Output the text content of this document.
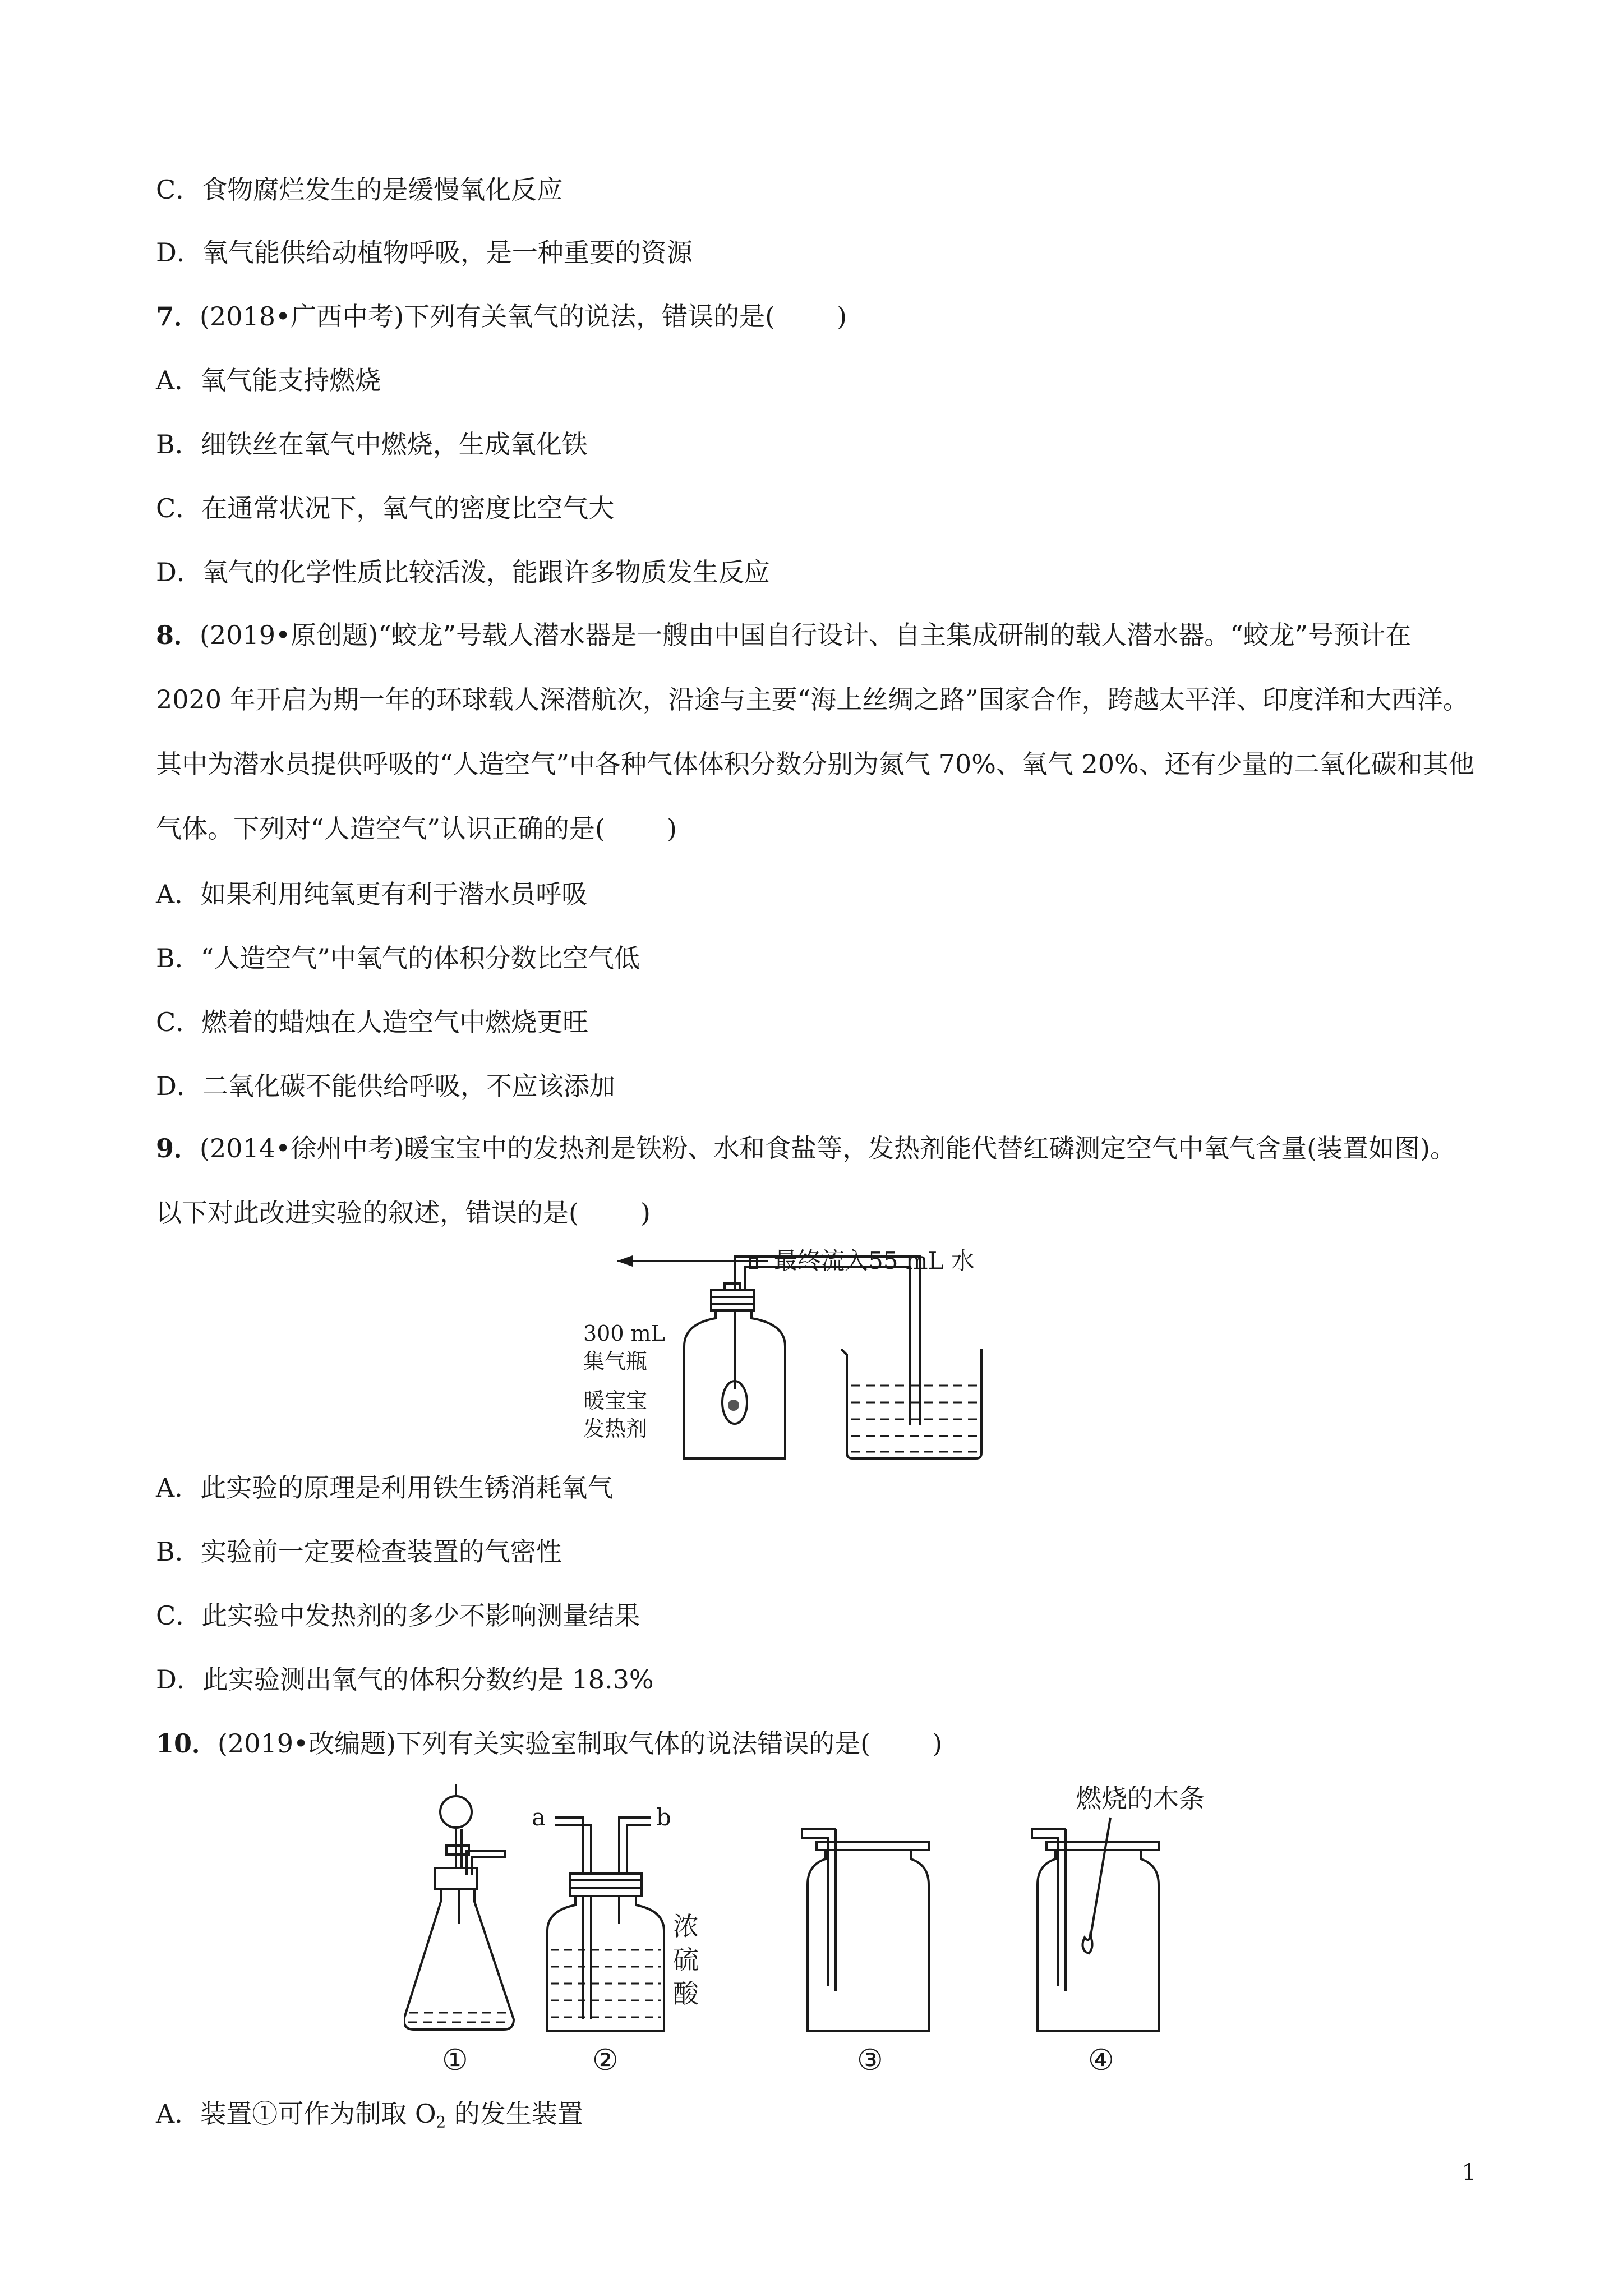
C．食物腐烂发生的是缓慢氧化反应

D．氧气能供给动植物呼吸，是一种重要的资源

7．(2018•广西中考)下列有关氧气的说法，错误的是( )

A．氧气能支持燃烧

B．细铁丝在氧气中燃烧，生成氧化铁

C．在通常状况下，氧气的密度比空气大

D．氧气的化学性质比较活泼，能跟许多物质发生反应

8．(2019•原创题)“蛟龙”号载人潜水器是一艘由中国自行设计、自主集成研制的载人潜水器。“蛟龙”号预计在 2020 年开启为期一年的环球载人深潜航次，沿途与主要“海上丝绸之路”国家合作，跨越太平洋、印度洋和大西洋。其中为潜水员提供呼吸的“人造空气”中各种气体体积分数分别为氮气 70%、氧气 20%、还有少量的二氧化碳和其他气体。下列对“人造空气”认识正确的是( )

A．如果利用纯氧更有利于潜水员呼吸

B．“人造空气”中氧气的体积分数比空气低

C．燃着的蜡烛在人造空气中燃烧更旺

D．二氧化碳不能供给呼吸，不应该添加

9．(2014•徐州中考)暖宝宝中的发热剂是铁粉、水和食盐等，发热剂能代替红磷测定空气中氧气含量(装置如图)。以下对此改进实验的叙述，错误的是( )

最终流入55 mL 水
300 mL
集气瓶
暖宝宝
发热剂

A．此实验的原理是利用铁生锈消耗氧气

B．实验前一定要检查装置的气密性

C．此实验中发热剂的多少不影响测量结果

D．此实验测出氧气的体积分数约是 18.3%

10．(2019•改编题)下列有关实验室制取气体的说法错误的是( )

①
a	b
浓
硫
酸
②	③
燃烧的木条
④

A．装置①可作为制取 $O_2$ 的发生装置

1
